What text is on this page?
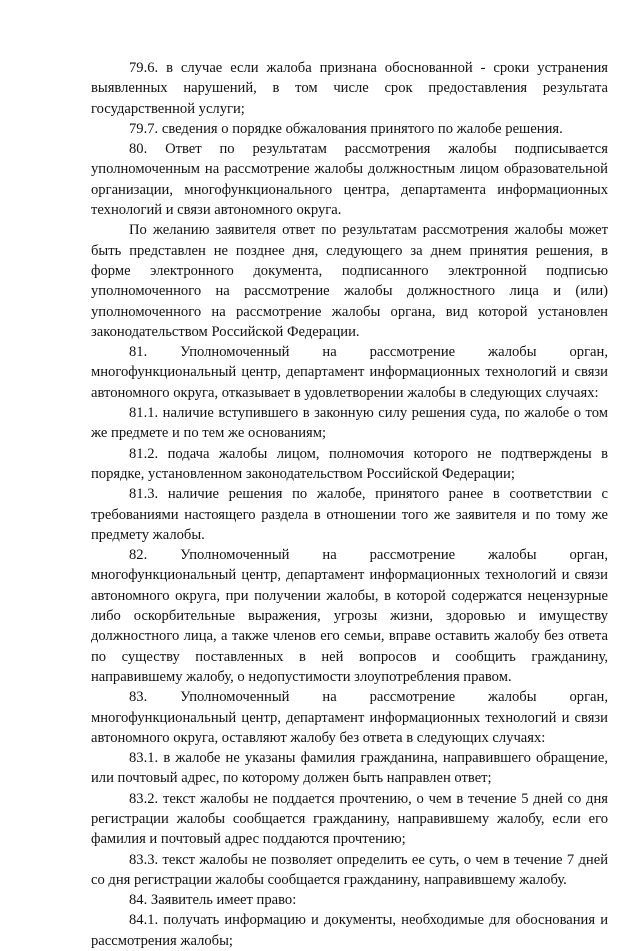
79.6. в случае если жалоба признана обоснованной - сроки устранения выявленных нарушений, в том числе срок предоставления результата государственной услуги;

79.7. сведения о порядке обжалования принятого по жалобе решения.

80. Ответ по результатам рассмотрения жалобы подписывается уполномоченным на рассмотрение жалобы должностным лицом образовательной организации, многофункционального центра, департамента информационных технологий и связи автономного округа.

По желанию заявителя ответ по результатам рассмотрения жалобы может быть представлен не позднее дня, следующего за днем принятия решения, в форме электронного документа, подписанного электронной подписью уполномоченного на рассмотрение жалобы должностного лица и (или) уполномоченного на рассмотрение жалобы органа, вид которой установлен законодательством Российской Федерации.

81. Уполномоченный на рассмотрение жалобы орган, многофункциональный центр, департамент информационных технологий и связи автономного округа, отказывает в удовлетворении жалобы в следующих случаях:

81.1. наличие вступившего в законную силу решения суда, по жалобе о том же предмете и по тем же основаниям;

81.2. подача жалобы лицом, полномочия которого не подтверждены в порядке, установленном законодательством Российской Федерации;

81.3. наличие решения по жалобе, принятого ранее в соответствии с требованиями настоящего раздела в отношении того же заявителя и по тому же предмету жалобы.

82. Уполномоченный на рассмотрение жалобы орган, многофункциональный центр, департамент информационных технологий и связи автономного округа, при получении жалобы, в которой содержатся нецензурные либо оскорбительные выражения, угрозы жизни, здоровью и имуществу должностного лица, а также членов его семьи, вправе оставить жалобу без ответа по существу поставленных в ней вопросов и сообщить гражданину, направившему жалобу, о недопустимости злоупотребления правом.

83. Уполномоченный на рассмотрение жалобы орган, многофункциональный центр, департамент информационных технологий и связи автономного округа, оставляют жалобу без ответа в следующих случаях:

83.1. в жалобе не указаны фамилия гражданина, направившего обращение, или почтовый адрес, по которому должен быть направлен ответ;

83.2. текст жалобы не поддается прочтению, о чем в течение 5 дней со дня регистрации жалобы сообщается гражданину, направившему жалобу, если его фамилия и почтовый адрес поддаются прочтению;

83.3. текст жалобы не позволяет определить ее суть, о чем в течение 7 дней со дня регистрации жалобы сообщается гражданину, направившему жалобу.

84. Заявитель имеет право:

84.1. получать информацию и документы, необходимые для обоснования и рассмотрения жалобы;
